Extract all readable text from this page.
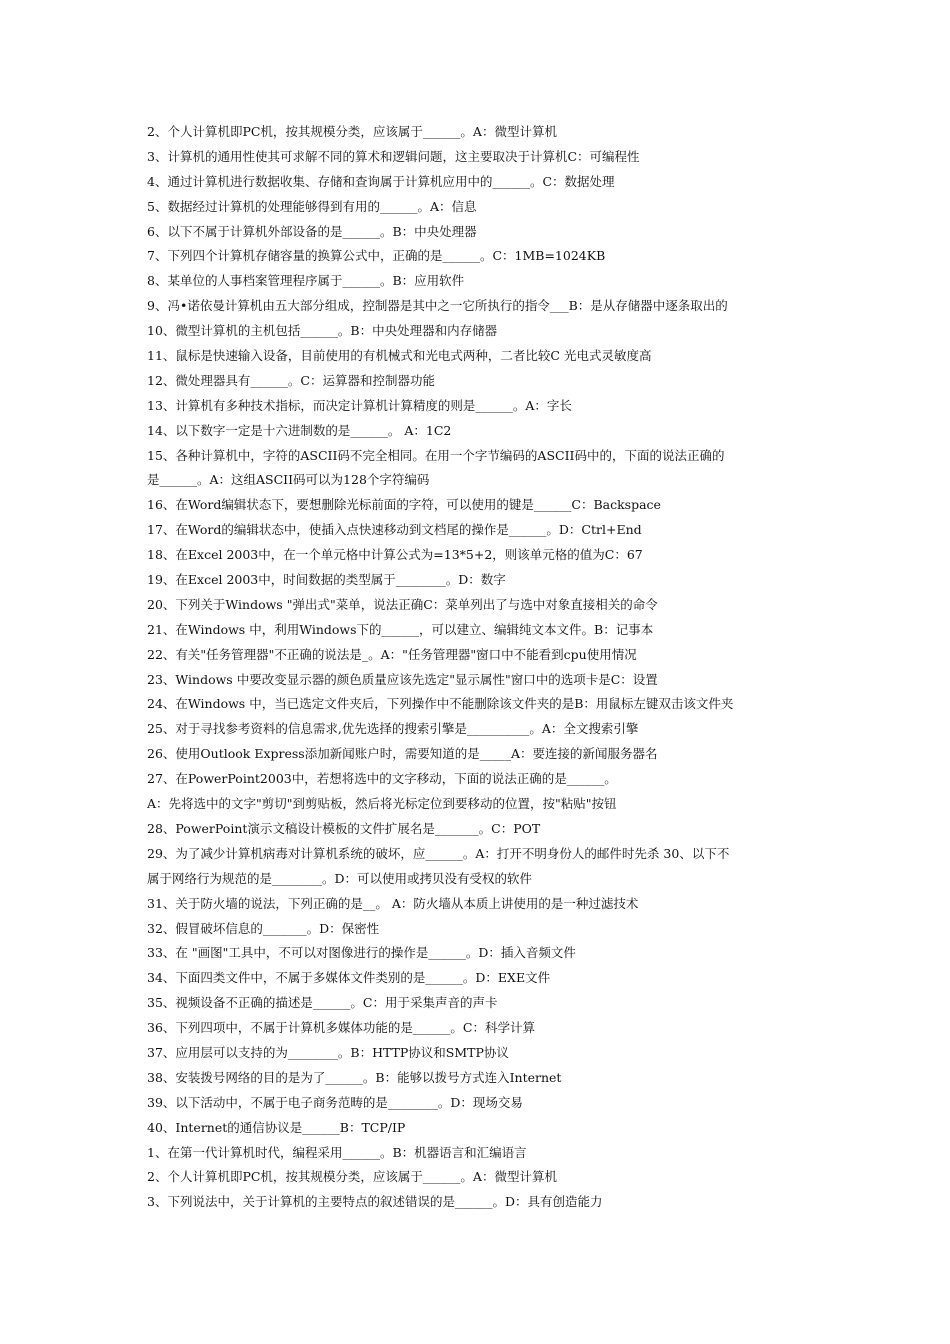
2、个人计算机即PC机，按其规模分类，应该属于______。A：微型计算机
3、计算机的通用性使其可求解不同的算术和逻辑问题，这主要取决于计算机C：可编程性
4、通过计算机进行数据收集、存储和查询属于计算机应用中的______。C：数据处理
5、数据经过计算机的处理能够得到有用的______。A：信息
6、以下不属于计算机外部设备的是______。B：中央处理器
7、下列四个计算机存储容量的换算公式中，正确的是______。C：1MB=1024KB
8、某单位的人事档案管理程序属于______。B：应用软件
9、冯•诺依曼计算机由五大部分组成，控制器是其中之一它所执行的指令___B：是从存储器中逐条取出的
10、微型计算机的主机包括______。B：中央处理器和内存储器
11、鼠标是快速输入设备，目前使用的有机械式和光电式两种，二者比较C 光电式灵敏度高
12、微处理器具有______。C：运算器和控制器功能
13、计算机有多种技术指标，而决定计算机计算精度的则是______。A：字长
14、以下数字一定是十六进制数的是______。 A：1C2
15、各种计算机中，字符的ASCII码不完全相同。在用一个字节编码的ASCII码中的，下面的说法正确的
是______。A：这组ASCII码可以为128个字符编码
16、在Word编辑状态下，要想删除光标前面的字符，可以使用的键是______C：Backspace
17、在Word的编辑状态中，使插入点快速移动到文档尾的操作是______。D：Ctrl+End
18、在Excel 2003中，在一个单元格中计算公式为=13*5+2，则该单元格的值为C：67
19、在Excel 2003中，时间数据的类型属于________。D：数字
20、下列关于Windows "弹出式"菜单，说法正确C：菜单列出了与选中对象直接相关的命令
21、在Windows 中，利用Windows下的______，可以建立、编辑纯文本文件。B：记事本
22、有关"任务管理器"不正确的说法是_。A："任务管理器"窗口中不能看到cpu使用情况
23、Windows 中要改变显示器的颜色质量应该先选定"显示属性"窗口中的选项卡是C：设置
24、在Windows 中，当已选定文件夹后，下列操作中不能删除该文件夹的是B：用鼠标左键双击该文件夹
25、对于寻找参考资料的信息需求,优先选择的搜索引擎是__________。A：全文搜索引擎
26、使用Outlook Express添加新闻账户时，需要知道的是_____A：要连接的新闻服务器名
27、在PowerPoint2003中，若想将选中的文字移动，下面的说法正确的是______。
A：先将选中的文字"剪切"到剪贴板，然后将光标定位到要移动的位置，按"粘贴"按钮
28、PowerPoint演示文稿设计模板的文件扩展名是_______。C：POT
29、为了减少计算机病毒对计算机系统的破坏，应______。A：打开不明身份人的邮件时先杀 30、以下不
属于网络行为规范的是________。D：可以使用或拷贝没有受权的软件
31、关于防火墙的说法，下列正确的是__。 A：防火墙从本质上讲使用的是一种过滤技术
32、假冒破坏信息的_______。D：保密性
33、在 "画图"工具中，不可以对图像进行的操作是______。D：插入音频文件
34、下面四类文件中，不属于多媒体文件类别的是______。D：EXE文件
35、视频设备不正确的描述是______。C：用于采集声音的声卡
36、下列四项中，不属于计算机多媒体功能的是______。C：科学计算
37、应用层可以支持的为________。B：HTTP协议和SMTP协议
38、安装拨号网络的目的是为了______。B：能够以拨号方式连入Internet
39、以下活动中，不属于电子商务范畴的是________。D：现场交易
40、Internet的通信协议是______B：TCP/IP
1、在第一代计算机时代，编程采用______。B：机器语言和汇编语言
2、个人计算机即PC机，按其规模分类，应该属于______。A：微型计算机
3、下列说法中，关于计算机的主要特点的叙述错误的是______。D：具有创造能力
